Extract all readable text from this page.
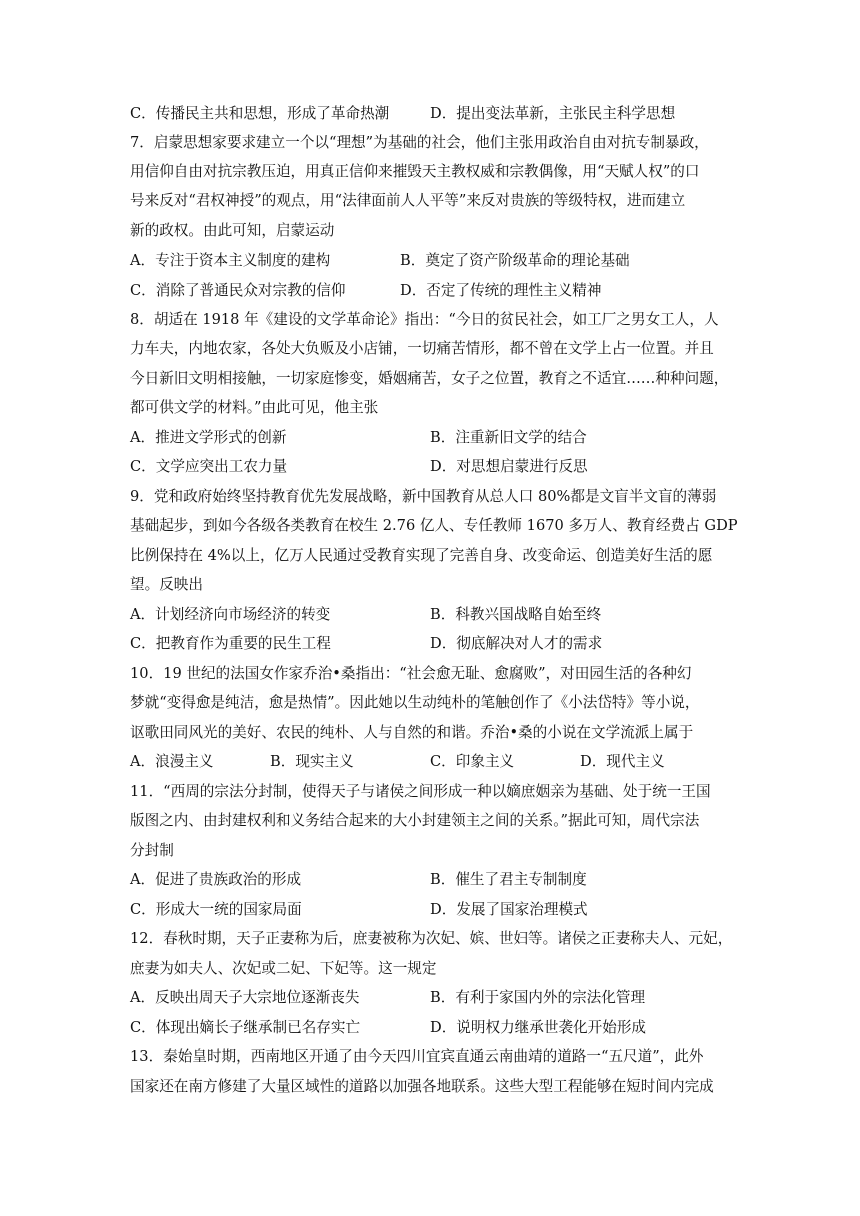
C．传播民主共和思想，形成了革命热潮	D．提出变法革新，主张民主科学思想
7．启蒙思想家要求建立一个以“理想”为基础的社会，他们主张用政治自由对抗专制暴政，
用信仰自由对抗宗教压迫，用真正信仰来摧毁天主教权威和宗教偶像，用“天赋人权”的口
号来反对“君权神授”的观点，用“法律面前人人平等”来反对贵族的等级特权，进而建立
新的政权。由此可知，启蒙运动
A．专注于资本主义制度的建构	B．奠定了资产阶级革命的理论基础
C．消除了普通民众对宗教的信仰	D．否定了传统的理性主义精神
8．胡适在 1918 年《建设的文学革命论》指出：“今日的贫民社会，如工厂之男女工人，人
力车夫，内地农家，各处大负贩及小店铺，一切痛苦情形，都不曾在文学上占一位置。并且
今日新旧文明相接触，一切家庭惨变，婚姻痛苦，女子之位置，教育之不适宜……种种问题，
都可供文学的材料。”由此可见，他主张
A．推进文学形式的创新	B．注重新旧文学的结合
C．文学应突出工农力量	D．对思想启蒙进行反思
9．党和政府始终坚持教育优先发展战略，新中国教育从总人口 80%都是文盲半文盲的薄弱
基础起步，到如今各级各类教育在校生 2.76 亿人、专任教师 1670 多万人、教育经费占 GDP
比例保持在 4%以上，亿万人民通过受教育实现了完善自身、改变命运、创造美好生活的愿
望。反映出
A．计划经济向市场经济的转变	B．科教兴国战略自始至终
C．把教育作为重要的民生工程	D．彻底解决对人才的需求
10．19 世纪的法国女作家乔治•桑指出：“社会愈无耻、愈腐败”，对田园生活的各种幻
梦就“变得愈是纯洁，愈是热情”。因此她以生动纯朴的笔触创作了《小法岱特》等小说，
讴歌田同风光的美好、农民的纯朴、人与自然的和谐。乔治•桑的小说在文学流派上属于
A．浪漫主义	B．现实主义	C．印象主义	D．现代主义
11．“西周的宗法分封制，使得天子与诸侯之间形成一种以嫡庶姻亲为基础、处于统一王国
版图之内、由封建权利和义务结合起来的大小封建领主之间的关系。”据此可知，周代宗法
分封制
A．促进了贵族政治的形成	B．催生了君主专制制度
C．形成大一统的国家局面	D．发展了国家治理模式
12．春秋时期，天子正妻称为后，庶妻被称为次妃、嫔、世妇等。诸侯之正妻称夫人、元妃，
庶妻为如夫人、次妃或二妃、下妃等。这一规定
A．反映出周天子大宗地位逐渐丧失	B．有利于家国内外的宗法化管理
C．体现出嫡长子继承制已名存实亡	D．说明权力继承世袭化开始形成
13．秦始皇时期，西南地区开通了由今天四川宜宾直通云南曲靖的道路一“五尺道”，此外
国家还在南方修建了大量区域性的道路以加强各地联系。这些大型工程能够在短时间内完成
